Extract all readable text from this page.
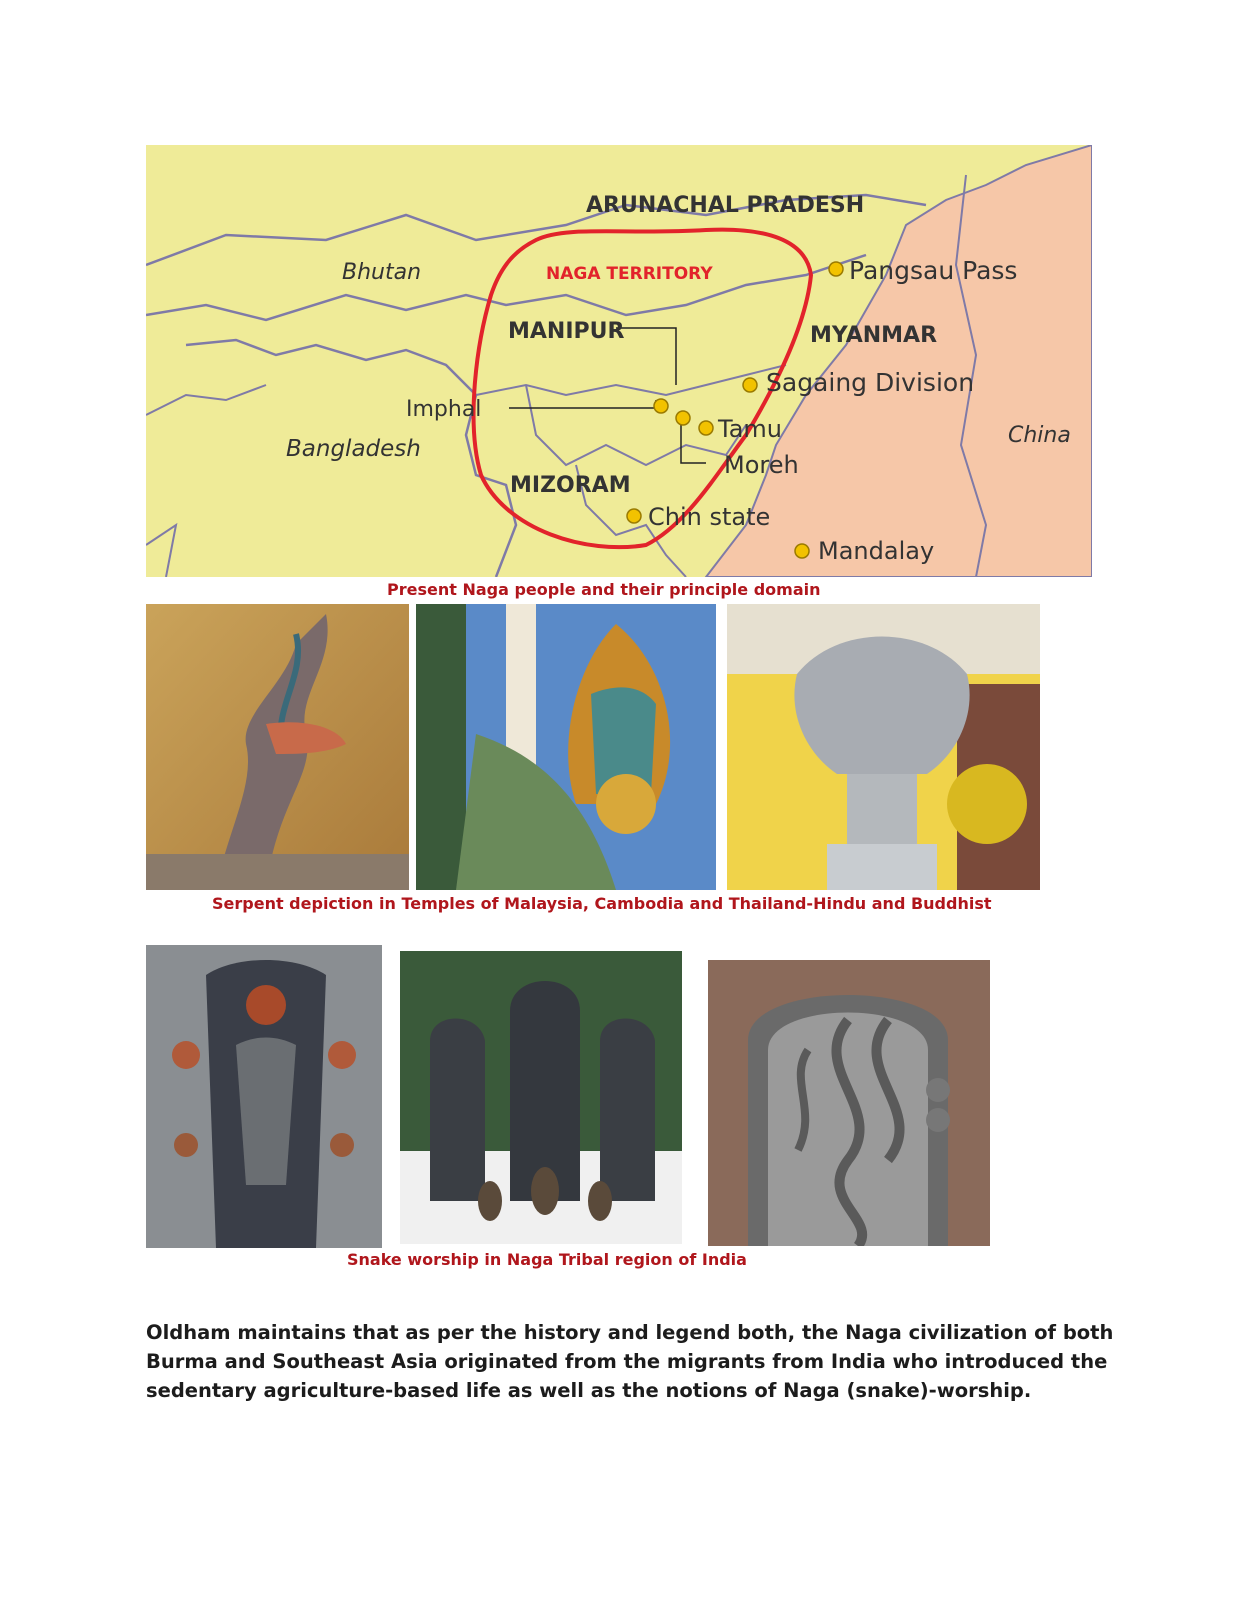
ARUNACHAL PRADESH
Bhutan	NAGA TERRITORY	Pangsau Pass
MANIPUR	MYANMAR
Sagaing Division
Imphal
Tamu
Bangladesh
China
Moreh
MIZORAM
Chin state
Mandalay
Present Naga people and their principle domain
Serpent depiction in Temples of Malaysia, Cambodia and Thailand-Hindu and Buddhist
Snake worship in Naga Tribal region of India
Oldham maintains that as per the history and legend both, the Naga civilization of both
Burma and Southeast Asia originated from the migrants from India who introduced the
sedentary agriculture-based life as well as the notions of Naga (snake)-worship.
